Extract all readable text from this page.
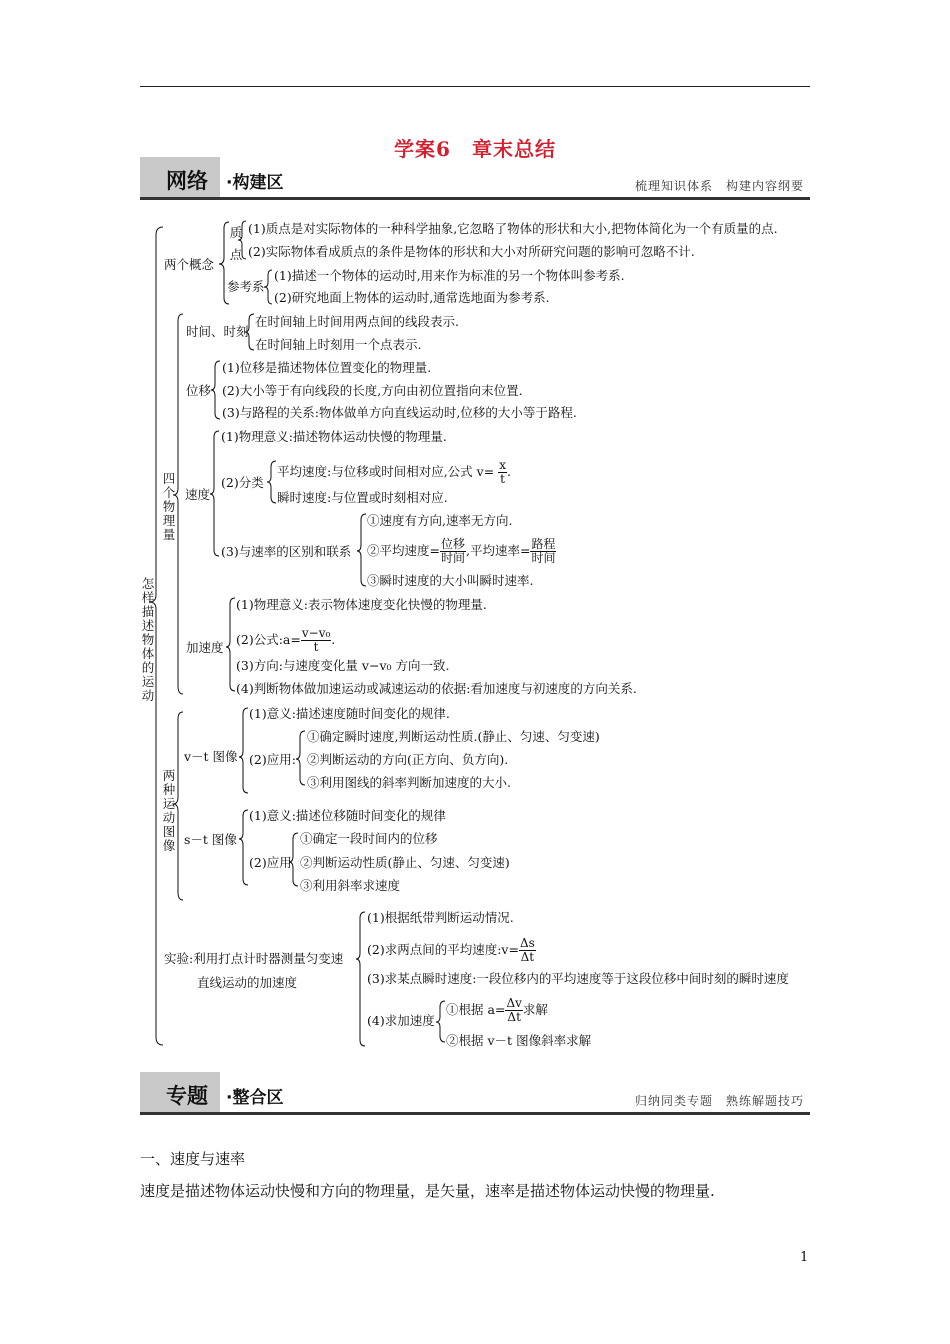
学案6　章末总结
网络 ·构建区	梳理知识体系　构建内容纲要
怎样描述物体的运动
两个概念
质点
(1)质点是对实际物体的一种科学抽象,它忽略了物体的形状和大小,把物体简化为一个有质量的点.
(2)实际物体看成质点的条件是物体的形状和大小对所研究问题的影响可忽略不计.
参考系
(1)描述一个物体的运动时,用来作为标准的另一个物体叫参考系.
(2)研究地面上物体的运动时,通常选地面为参考系.
四个物理量
时间、时刻
在时间轴上时间用两点间的线段表示.
在时间轴上时刻用一个点表示.
位移
(1)位移是描述物体位置变化的物理量.
(2)大小等于有向线段的长度,方向由初位置指向末位置.
(3)与路程的关系:物体做单方向直线运动时,位移的大小等于路程.
速度
(1)物理意义:描述物体运动快慢的物理量.
(2)分类
平均速度:与位移或时间相对应,公式 $v= \frac{x}{t}$ .
瞬时速度:与位置或时刻相对应.
(3)与速率的区别和联系
①速度有方向,速率无方向.
②平均速度= $\frac{\text{位移}}{\text{时间}}$ ,平均速率= $\frac{\text{路程}}{\text{时间}}$
③瞬时速度的大小叫瞬时速率.
加速度
(1)物理意义:表示物体速度变化快慢的物理量.
(2)公式:a= $\frac{\text{v−v₀}}{t}$ .
(3)方向:与速度变化量 v−v₀ 方向一致.
(4)判断物体做加速运动或减速运动的依据:看加速度与初速度的方向关系.
两种运动图像
v－t 图像
(1)意义:描述速度随时间变化的规律.
(2)应用:
①确定瞬时速度,判断运动性质.(静止、匀速、匀变速)
②判断运动的方向(正方向、负方向).
③利用图线的斜率判断加速度的大小.
s－t 图像
(1)意义:描述位移随时间变化的规律
(2)应用
①确定一段时间内的位移
②判断运动性质(静止、匀速、匀变速)
③利用斜率求速度
实验:利用打点计时器测量匀变速
直线运动的加速度
(1)根据纸带判断运动情况.
(2)求两点间的平均速度:v= $\frac{\Delta s}{\Delta t}$
(3)求某点瞬时速度:一段位移内的平均速度等于这段位移中间时刻的瞬时速度
(4)求加速度
①根据 $a= \frac{\Delta v}{\Delta t}$ 求解
②根据 v－t 图像斜率求解
专题 ·整合区	归纳同类专题　熟练解题技巧
一、速度与速率
速度是描述物体运动快慢和方向的物理量，是矢量，速率是描述物体运动快慢的物理量.
1
